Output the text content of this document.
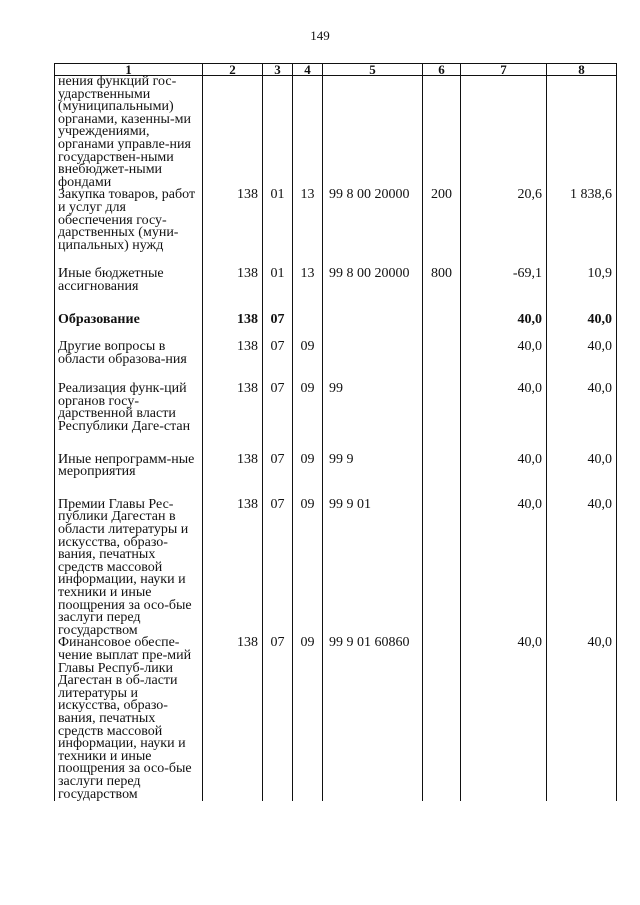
149
1	2	3	4	5	6	7	8
нения функций гос-ударственными (муниципальными) органами, казенны-ми учреждениями, органами управле-ния государствен-ными внебюджет-ными фондами							
Закупка товаров, работ и услуг для обеспечения госу-дарственных (муни-ципальных) нужд	138	01	13	99 8 00 20000	200	20,6	1 838,6
Иные бюджетные ассигнования	138	01	13	99 8 00 20000	800	-69,1	10,9
Образование	138	07				40,0	40,0
Другие вопросы в области образова-ния	138	07	09			40,0	40,0
Реализация функ-ций органов госу-дарственной власти Республики Даге-стан	138	07	09	99		40,0	40,0
Иные непрограмм-ные мероприятия	138	07	09	99 9		40,0	40,0
Премии Главы Рес-публики Дагестан в области литературы и искусства, образо-вания, печатных средств массовой информации, науки и техники и иные поощрения за осо-бые заслуги перед государством	138	07	09	99 9 01		40,0	40,0
Финансовое обеспе-чение выплат пре-мий Главы Респуб-лики Дагестан в об-ласти литературы и искусства, образо-вания, печатных средств массовой информации, науки и техники и иные поощрения за осо-бые заслуги перед государством	138	07	09	99 9 01 60860		40,0	40,0
